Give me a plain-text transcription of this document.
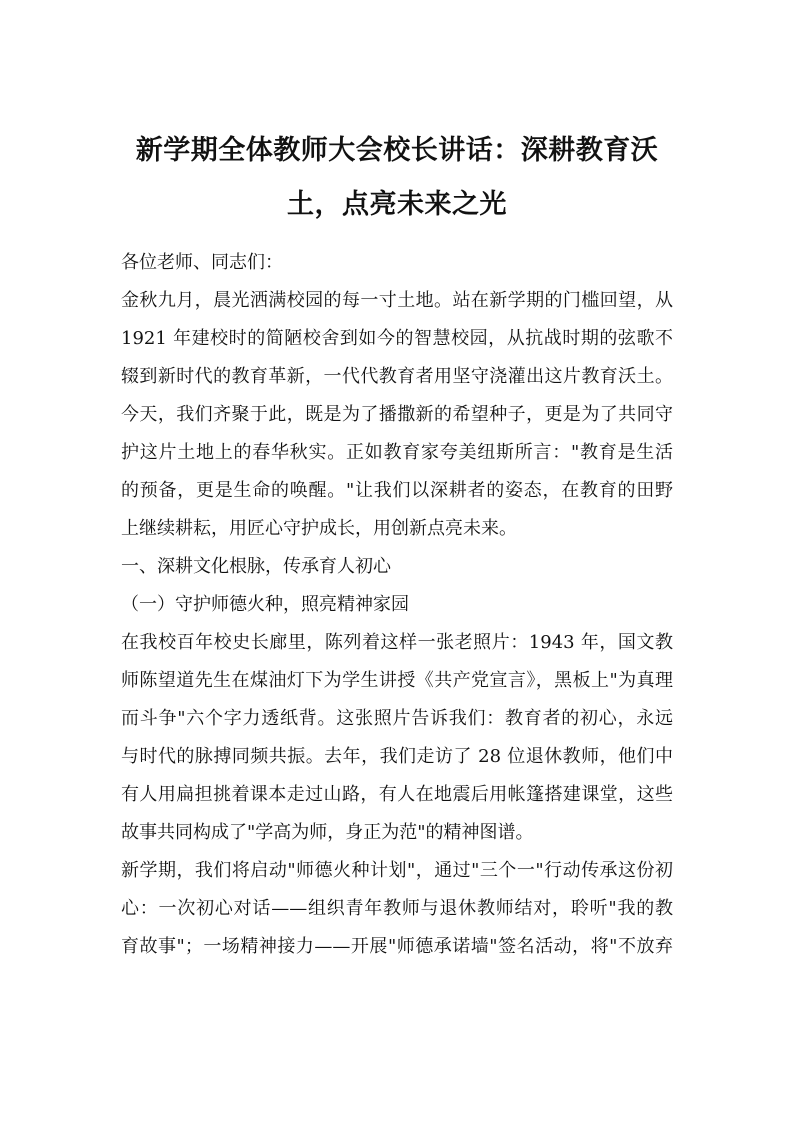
新学期全体教师大会校长讲话：深耕教育沃
土，点亮未来之光
各位老师、同志们：
金秋九月，晨光洒满校园的每一寸土地。站在新学期的门槛回望，从
1921 年建校时的简陋校舍到如今的智慧校园，从抗战时期的弦歌不
辍到新时代的教育革新，一代代教育者用坚守浇灌出这片教育沃土。
今天，我们齐聚于此，既是为了播撒新的希望种子，更是为了共同守
护这片土地上的春华秋实。正如教育家夸美纽斯所言："教育是生活
的预备，更是生命的唤醒。"让我们以深耕者的姿态，在教育的田野
上继续耕耘，用匠心守护成长，用创新点亮未来。
一、深耕文化根脉，传承育人初心
（一）守护师德火种，照亮精神家园
在我校百年校史长廊里，陈列着这样一张老照片：1943 年，国文教
师陈望道先生在煤油灯下为学生讲授《共产党宣言》，黑板上"为真理
而斗争"六个字力透纸背。这张照片告诉我们：教育者的初心，永远
与时代的脉搏同频共振。去年，我们走访了 28 位退休教师，他们中
有人用扁担挑着课本走过山路，有人在地震后用帐篷搭建课堂，这些
故事共同构成了"学高为师，身正为范"的精神图谱。
新学期，我们将启动"师德火种计划"，通过"三个一"行动传承这份初
心：一次初心对话——组织青年教师与退休教师结对，聆听"我的教
育故事"；一场精神接力——开展"师德承诺墙"签名活动，将"不放弃
